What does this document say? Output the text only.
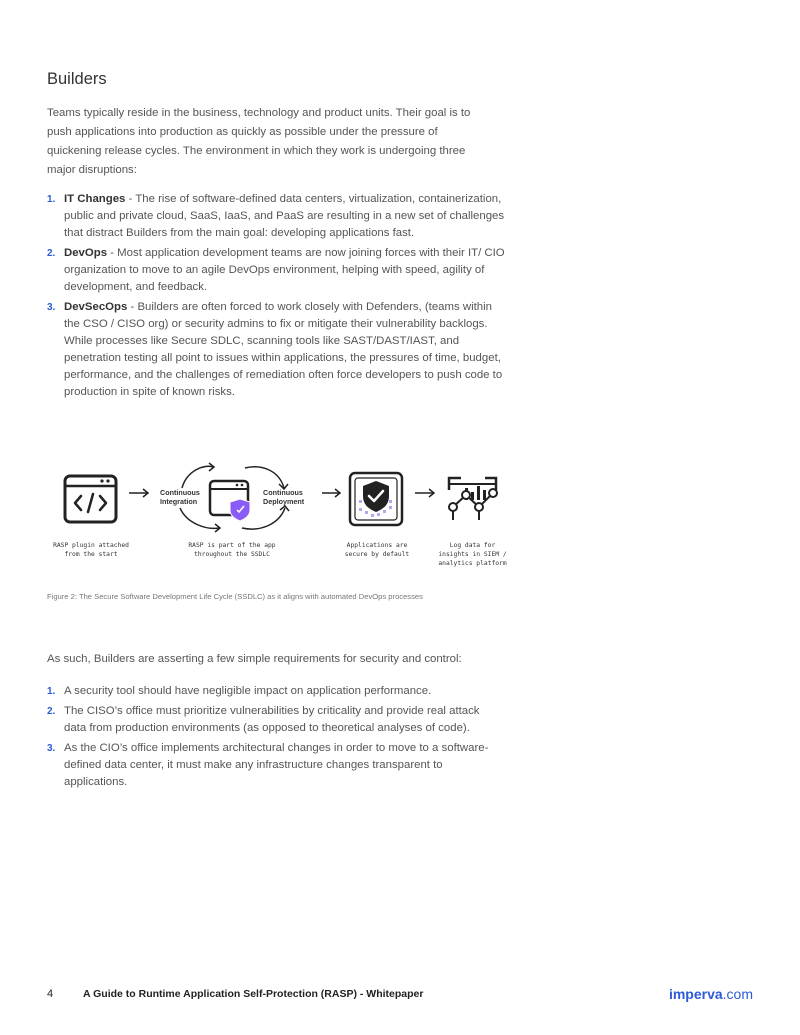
Builders

Teams typically reside in the business, technology and product units. Their goal is to push applications into production as quickly as possible under the pressure of quickening release cycles. The environment in which they work is undergoing three major disruptions:

1. IT Changes - The rise of software-defined data centers, virtualization, containerization, public and private cloud, SaaS, IaaS, and PaaS are resulting in a new set of challenges that distract Builders from the main goal: developing applications fast.
2. DevOps - Most application development teams are now joining forces with their IT/ CIO organization to move to an agile DevOps environment, helping with speed, agility of development, and feedback.
3. DevSecOps - Builders are often forced to work closely with Defenders, (teams within the CSO / CISO org) or security admins to fix or mitigate their vulnerability backlogs. While processes like Secure SDLC, scanning tools like SAST/DAST/IAST, and penetration testing all point to issues within applications, the pressures of time, budget, performance, and the challenges of remediation often force developers to push code to production in spite of known risks.
Continuous Integration
Continuous Deployment
RASP plugin attached from the start
RASP is part of the app throughout the SSDLC
Applications are secure by default
Log data for insights in SIEM / analytics platform

Figure 2: The Secure Software Development Life Cycle (SSDLC) as it aligns with automated DevOps processes

As such, Builders are asserting a few simple requirements for security and control:

1. A security tool should have negligible impact on application performance.
2. The CISO’s office must prioritize vulnerabilities by criticality and provide real attack data from production environments (as opposed to theoretical analyses of code).
3. As the CIO’s office implements architectural changes in order to move to a software-defined data center, it must make any infrastructure changes transparent to applications.
4	A Guide to Runtime Application Self-Protection (RASP) - Whitepaper	imperva.com
